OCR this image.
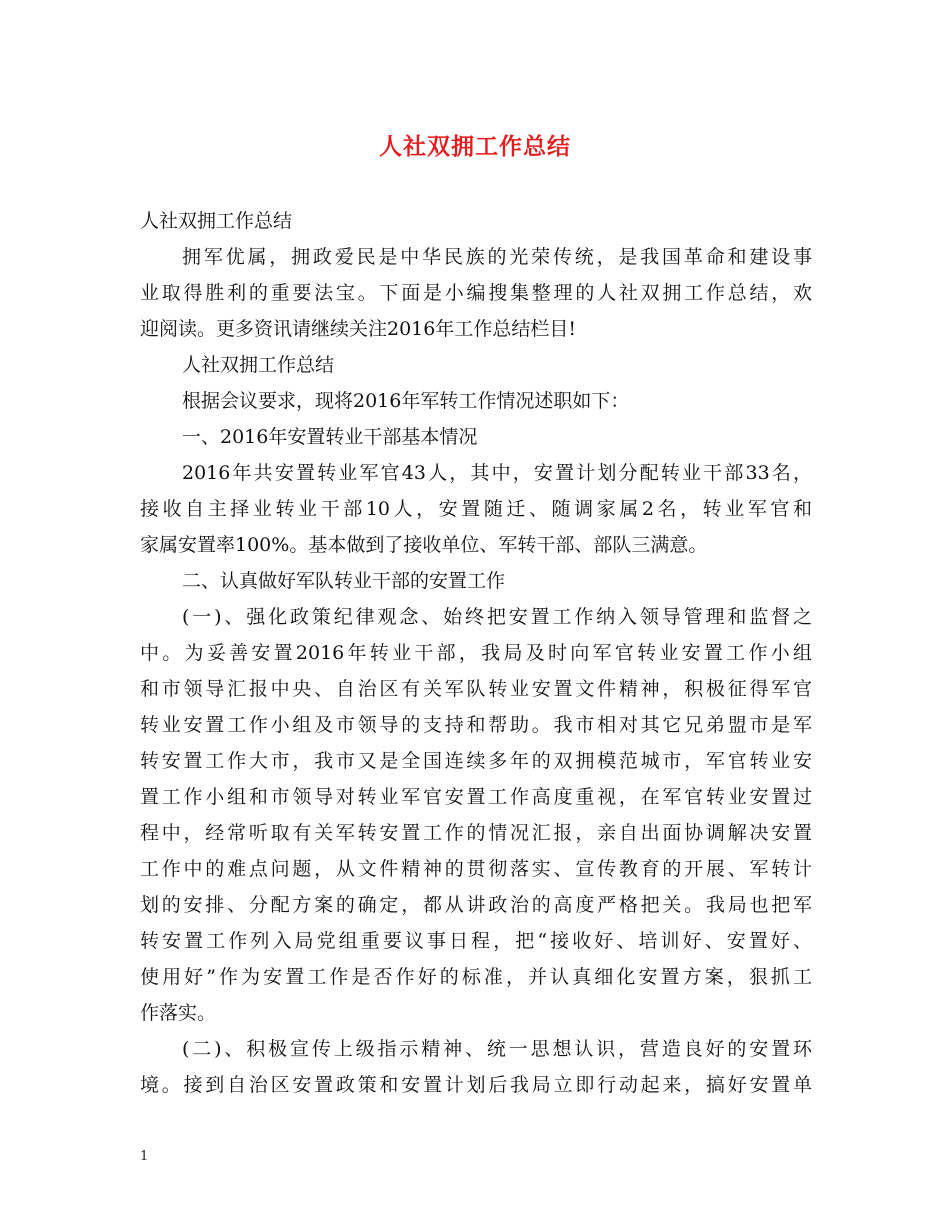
人社双拥工作总结
人社双拥工作总结
拥军优属，拥政爱民是中华民族的光荣传统，是我国革命和建设事
业取得胜利的重要法宝。下面是小编搜集整理的人社双拥工作总结，欢
迎阅读。更多资讯请继续关注2016年工作总结栏目!
人社双拥工作总结
根据会议要求，现将2016年军转工作情况述职如下：
一、2016年安置转业干部基本情况
2016年共安置转业军官43人，其中，安置计划分配转业干部33名，
接收自主择业转业干部10人，安置随迁、随调家属2名，转业军官和
家属安置率100%。基本做到了接收单位、军转干部、部队三满意。
二、认真做好军队转业干部的安置工作
(一)、强化政策纪律观念、始终把安置工作纳入领导管理和监督之
中。为妥善安置2016年转业干部，我局及时向军官转业安置工作小组
和市领导汇报中央、自治区有关军队转业安置文件精神，积极征得军官
转业安置工作小组及市领导的支持和帮助。我市相对其它兄弟盟市是军
转安置工作大市，我市又是全国连续多年的双拥模范城市，军官转业安
置工作小组和市领导对转业军官安置工作高度重视，在军官转业安置过
程中，经常听取有关军转安置工作的情况汇报，亲自出面协调解决安置
工作中的难点问题，从文件精神的贯彻落实、宣传教育的开展、军转计
划的安排、分配方案的确定，都从讲政治的高度严格把关。我局也把军
转安置工作列入局党组重要议事日程，把“接收好、培训好、安置好、
使用好”作为安置工作是否作好的标准，并认真细化安置方案，狠抓工
作落实。
(二)、积极宣传上级指示精神、统一思想认识，营造良好的安置环
境。接到自治区安置政策和安置计划后我局立即行动起来，搞好安置单
1
